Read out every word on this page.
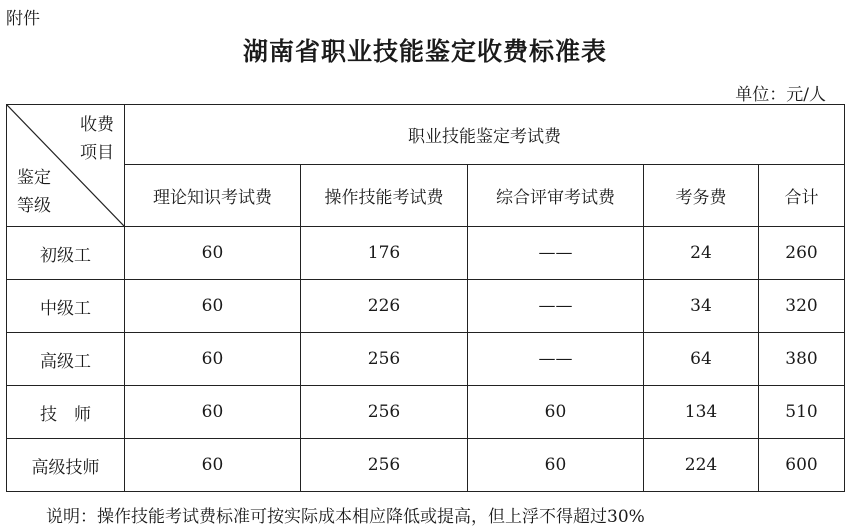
附件
湖南省职业技能鉴定收费标准表
单位：元/人
收费
项目
鉴定
等级	职业技能鉴定考试费				
	理论知识考试费	操作技能考试费	综合评审考试费	考务费	合计
初级工	60	176	——	24	260
中级工	60	226	——	34	320
高级工	60	256	——	64	380
技　师	60	256	60	134	510
高级技师	60	256	60	224	600
说明：操作技能考试费标准可按实际成本相应降低或提高，但上浮不得超过30%
